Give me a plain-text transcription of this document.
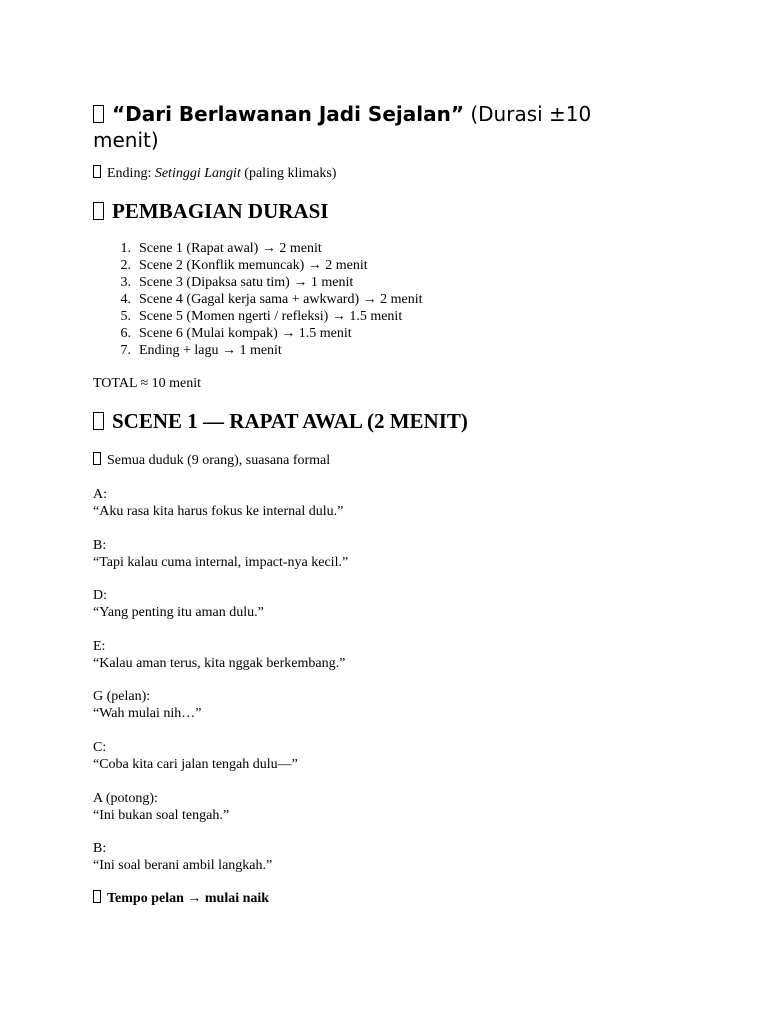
“Dari Berlawanan Jadi Sejalan” (Durasi ±10 menit)
Ending: Setinggi Langit (paling klimaks)
PEMBAGIAN DURASI
1. Scene 1 (Rapat awal) → 2 menit
2. Scene 2 (Konflik memuncak) → 2 menit
3. Scene 3 (Dipaksa satu tim) → 1 menit
4. Scene 4 (Gagal kerja sama + awkward) → 2 menit
5. Scene 5 (Momen ngerti / refleksi) → 1.5 menit
6. Scene 6 (Mulai kompak) → 1.5 menit
7. Ending + lagu → 1 menit
TOTAL ≈ 10 menit
SCENE 1 — RAPAT AWAL (2 MENIT)
Semua duduk (9 orang), suasana formal
A:
“Aku rasa kita harus fokus ke internal dulu.”
B:
“Tapi kalau cuma internal, impact-nya kecil.”
D:
“Yang penting itu aman dulu.”
E:
“Kalau aman terus, kita nggak berkembang.”
G (pelan):
“Wah mulai nih…”
C:
“Coba kita cari jalan tengah dulu—”
A (potong):
“Ini bukan soal tengah.”
B:
“Ini soal berani ambil langkah.”
Tempo pelan → mulai naik
